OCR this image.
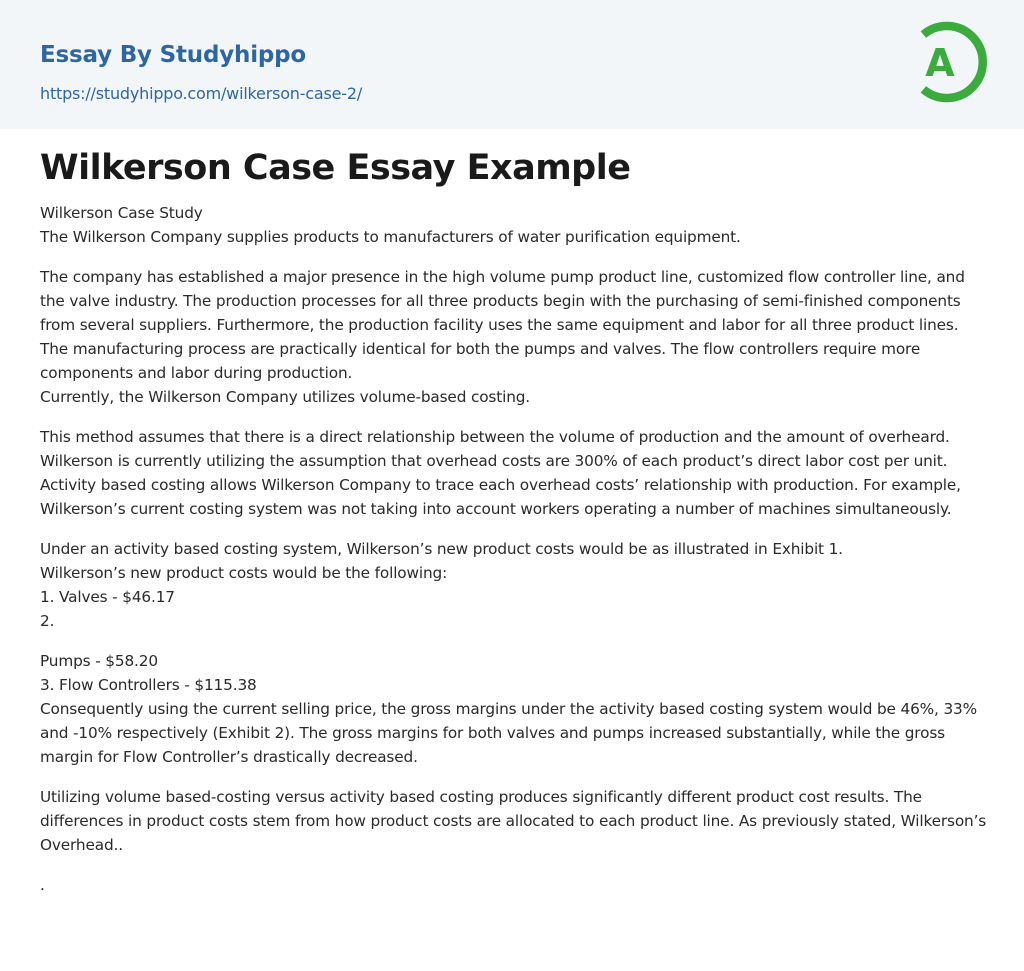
Essay By Studyhippo
https://studyhippo.com/wilkerson-case-2/
A
Wilkerson Case Essay Example

Wilkerson Case Study
The Wilkerson Company supplies products to manufacturers of water purification equipment.

The company has established a major presence in the high volume pump product line, customized flow controller line, and the valve industry. The production processes for all three products begin with the purchasing of semi-finished components from several suppliers. Furthermore, the production facility uses the same equipment and labor for all three product lines. The manufacturing process are practically identical for both the pumps and valves. The flow controllers require more components and labor during production.
Currently, the Wilkerson Company utilizes volume-based costing.

This method assumes that there is a direct relationship between the volume of production and the amount of overheard. Wilkerson is currently utilizing the assumption that overhead costs are 300% of each product’s direct labor cost per unit. Activity based costing allows Wilkerson Company to trace each overhead costs’ relationship with production. For example, Wilkerson’s current costing system was not taking into account workers operating a number of machines simultaneously.

Under an activity based costing system, Wilkerson’s new product costs would be as illustrated in Exhibit 1.
Wilkerson’s new product costs would be the following:
1. Valves - $46.17
2.

Pumps - $58.20
3. Flow Controllers - $115.38
Consequently using the current selling price, the gross margins under the activity based costing system would be 46%, 33% and -10% respectively (Exhibit 2). The gross margins for both valves and pumps increased substantially, while the gross margin for Flow Controller’s drastically decreased.

Utilizing volume based-costing versus activity based costing produces significantly different product cost results. The differences in product costs stem from how product costs are allocated to each product line. As previously stated, Wilkerson’s Overhead..

.
